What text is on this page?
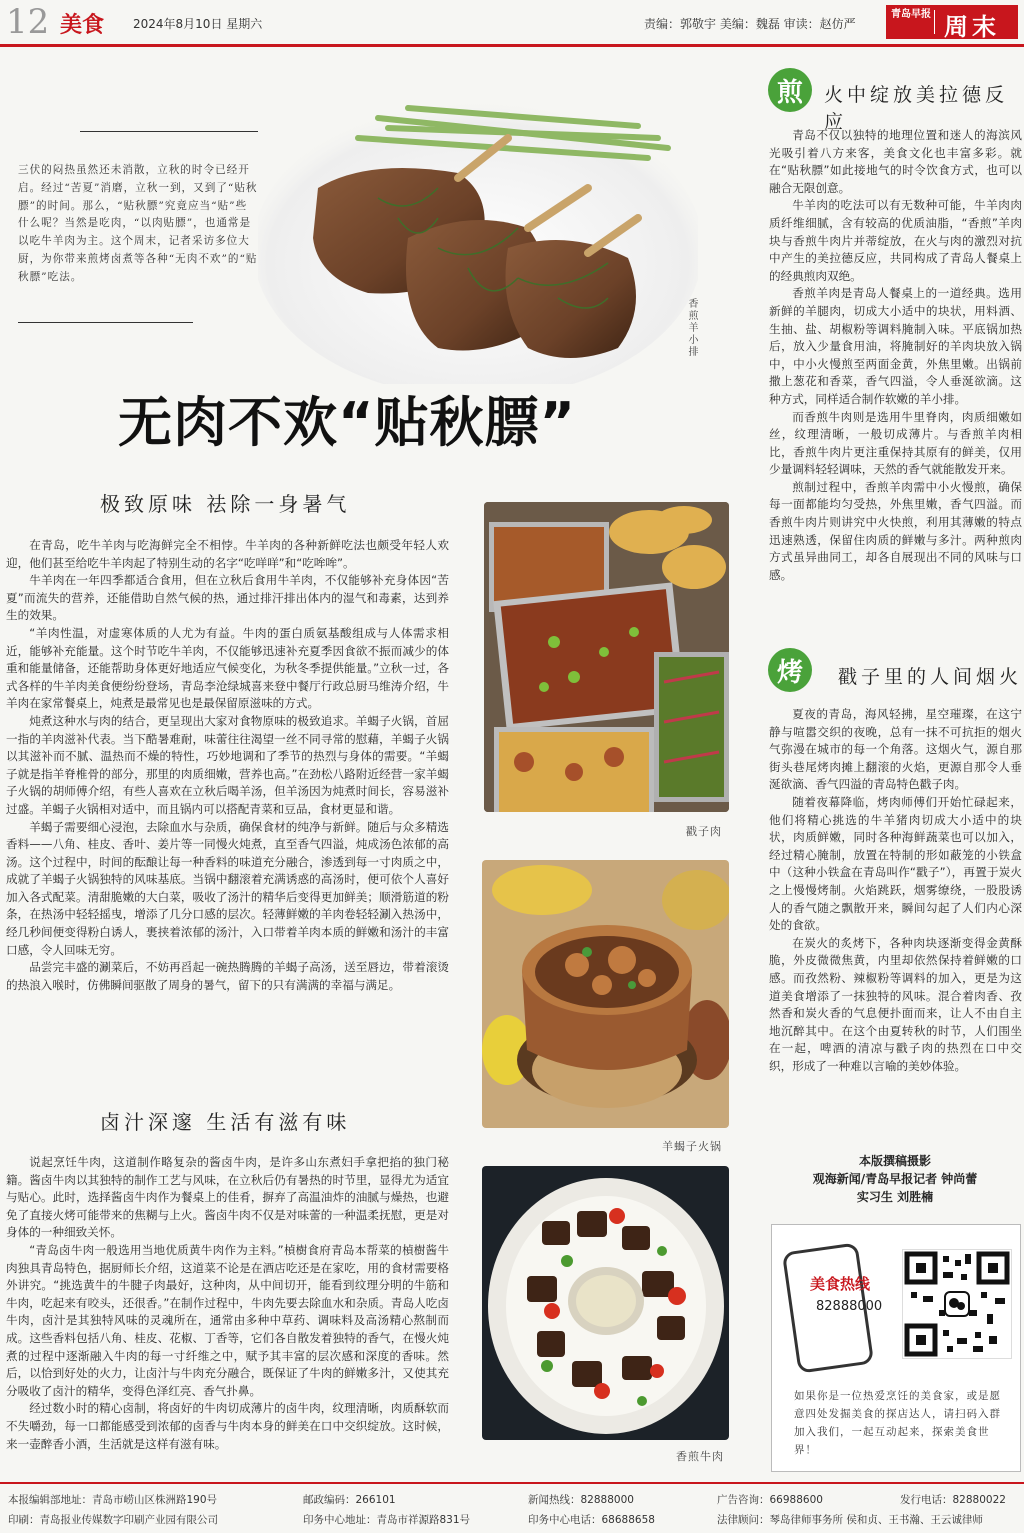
12 美食 2024年8月10日 星期六	责编：郭敬宇 美编：魏磊 审读：赵仿严
青岛早报 周末
三伏的闷热虽然还未消散，立秋的时令已经开启。经过“苦夏”消磨，立秋一到，又到了“贴秋膘”的时间。那么，“贴秋膘”究竟应当“贴”些什么呢？当然是吃肉，“以肉贴膘”，也通常是以吃牛羊肉为主。这个周末，记者采访多位大厨，为你带来煎烤卤煮等各种“无肉不欢”的“贴秋膘”吃法。
香煎羊小排
无肉不欢“贴秋膘”
极致原味 祛除一身暑气

在青岛，吃牛羊肉与吃海鲜完全不相悖。牛羊肉的各种新鲜吃法也颇受年轻人欢迎，他们甚至给吃牛羊肉起了特别生动的名字“吃咩咩”和“吃哞哞”。

牛羊肉在一年四季都适合食用，但在立秋后食用牛羊肉，不仅能够补充身体因“苦夏”而流失的营养，还能借助自然气候的热，通过排汗排出体内的湿气和毒素，达到养生的效果。

“羊肉性温，对虚寒体质的人尤为有益。牛肉的蛋白质氨基酸组成与人体需求相近，能够补充能量。这个时节吃牛羊肉，不仅能够迅速补充夏季因食欲不振而减少的体重和能量储备，还能帮助身体更好地适应气候变化，为秋冬季提供能量。”立秋一过，各式各样的牛羊肉美食便纷纷登场，青岛李沧绿城喜来登中餐厅行政总厨马维涛介绍，牛羊肉在家常餐桌上，炖煮是最常见也是最保留原滋味的方式。

炖煮这种水与肉的结合，更呈现出大家对食物原味的极致追求。羊蝎子火锅，首屈一指的羊肉滋补代表。当下酷暑难耐，味蕾往往渴望一丝不同寻常的慰藉，羊蝎子火锅以其滋补而不腻、温热而不燥的特性，巧妙地调和了季节的热烈与身体的需要。“羊蝎子就是指羊脊椎骨的部分，那里的肉质细嫩，营养也高。”在劲松八路附近经营一家羊蝎子火锅的胡师傅介绍，有些人喜欢在立秋后喝羊汤，但羊汤因为炖煮时间长，容易滋补过盛。羊蝎子火锅相对适中，而且锅内可以搭配青菜和豆品，食材更显和谐。

羊蝎子需要细心浸泡，去除血水与杂质，确保食材的纯净与新鲜。随后与众多精选香料——八角、桂皮、香叶、姜片等一同慢火炖煮，直至香气四溢，炖成汤色浓郁的高汤。这个过程中，时间的酝酿让每一种香料的味道充分融合，渗透到每一寸肉质之中，成就了羊蝎子火锅独特的风味基底。当锅中翻滚着充满诱惑的高汤时，便可依个人喜好加入各式配菜。清甜脆嫩的大白菜，吸收了汤汁的精华后变得更加鲜美；顺滑筋道的粉条，在热汤中轻轻摇曳，增添了几分口感的层次。轻薄鲜嫩的羊肉卷轻轻涮入热汤中，经几秒间便变得粉白诱人，裹挟着浓郁的汤汁，入口带着羊肉本质的鲜嫩和汤汁的丰富口感，令人回味无穷。

品尝完丰盛的涮菜后，不妨再舀起一碗热腾腾的羊蝎子高汤，送至唇边，带着滚烫的热浪入喉时，仿佛瞬间驱散了周身的暑气，留下的只有满满的幸福与满足。

卤汁深邃 生活有滋有味

说起烹饪牛肉，这道制作略复杂的酱卤牛肉，是许多山东煮妇手拿把掐的独门秘籍。酱卤牛肉以其独特的制作工艺与风味，在立秋后仍有暑热的时节里，显得尤为适宜与贴心。此时，选择酱卤牛肉作为餐桌上的佳肴，摒弃了高温油炸的油腻与燥热，也避免了直接火烤可能带来的焦糊与上火。酱卤牛肉不仅是对味蕾的一种温柔抚慰，更是对身体的一种细致关怀。

“青岛卤牛肉一般选用当地优质黄牛肉作为主料。”楨樹食府青岛本帮菜的楨樹酱牛肉独具青岛特色，据厨师长介绍，这道菜不论是在酒店吃还是在家吃，用的食材需要格外讲究。“挑选黄牛的牛腱子肉最好，这种肉，从中间切开，能看到纹理分明的牛筋和牛肉，吃起来有咬头，还很香。”在制作过程中，牛肉先要去除血水和杂质。青岛人吃卤牛肉，卤汁是其独特风味的灵魂所在，通常由多种中草药、调味料及高汤精心熬制而成。这些香料包括八角、桂皮、花椒、丁香等，它们各自散发着独特的香气，在慢火炖煮的过程中逐渐融入牛肉的每一寸纤维之中，赋予其丰富的层次感和深度的香味。然后，以恰到好处的火力，让卤汁与牛肉充分融合，既保证了牛肉的鲜嫩多汁，又使其充分吸收了卤汁的精华，变得色泽红亮、香气扑鼻。

经过数小时的精心卤制，将卤好的牛肉切成薄片的卤牛肉，纹理清晰，肉质酥软而不失嚼劲，每一口都能感受到浓郁的卤香与牛肉本身的鲜美在口中交织绽放。这时候，来一壶醉香小酒，生活就是这样有滋有味。

戳子肉
羊蝎子火锅
香煎牛肉
煎	火中绽放美拉德反应

青岛不仅以独特的地理位置和迷人的海滨风光吸引着八方来客，美食文化也丰富多彩。就在“贴秋膘”如此接地气的时令饮食方式，也可以融合无限创意。

牛羊肉的吃法可以有无数种可能，牛羊肉肉质纤维细腻，含有较高的优质油脂，“香煎”羊肉块与香煎牛肉片并蒂绽放，在火与肉的激烈对抗中产生的美拉德反应，共同构成了青岛人餐桌上的经典煎肉双绝。

香煎羊肉是青岛人餐桌上的一道经典。选用新鲜的羊腿肉，切成大小适中的块状，用料酒、生抽、盐、胡椒粉等调料腌制入味。平底锅加热后，放入少量食用油，将腌制好的羊肉块放入锅中，中小火慢煎至两面金黄，外焦里嫩。出锅前撒上葱花和香菜，香气四溢，令人垂涎欲滴。这种方式，同样适合制作软嫩的羊小排。

而香煎牛肉则是选用牛里脊肉，肉质细嫩如丝，纹理清晰，一般切成薄片。与香煎羊肉相比，香煎牛肉片更注重保持其原有的鲜美，仅用少量调料轻轻调味，天然的香气就能散发开来。

煎制过程中，香煎羊肉需中小火慢煎，确保每一面都能均匀受热，外焦里嫩，香气四溢。而香煎牛肉片则讲究中火快煎，利用其薄嫩的特点迅速熟透，保留住肉质的鲜嫩与多汁。两种煎肉方式虽异曲同工，却各自展现出不同的风味与口感。

烤	戳子里的人间烟火

夏夜的青岛，海风轻拂，星空璀璨，在这宁静与喧嚣交织的夜晚，总有一抹不可抗拒的烟火气弥漫在城市的每一个角落。这烟火气，源自那街头巷尾烤肉摊上翻滚的火焰，更源自那令人垂涎欲滴、香气四溢的青岛特色戳子肉。

随着夜幕降临，烤肉师傅们开始忙碌起来，他们将精心挑选的牛羊猪肉切成大小适中的块状，肉质鲜嫩，同时各种海鲜蔬菜也可以加入，经过精心腌制，放置在特制的形如蔽笼的小铁盒中（这种小铁盒在青岛叫作“戳子”），再置于炭火之上慢慢烤制。火焰跳跃，烟雾缭绕，一股股诱人的香气随之飘散开来，瞬间勾起了人们内心深处的食欲。

在炭火的炙烤下，各种肉块逐渐变得金黄酥脆，外皮微微焦黄，内里却依然保持着鲜嫩的口感。而孜然粉、辣椒粉等调料的加入，更是为这道美食增添了一抹独特的风味。混合着肉香、孜然香和炭火香的气息便扑面而来，让人不由自主地沉醉其中。在这个由夏转秋的时节，人们围坐在一起，啤酒的清凉与戳子肉的热烈在口中交织，形成了一种难以言喻的美妙体验。

本版撰稿摄影
观海新闻/青岛早报记者 钟尚蕾
实习生 刘胜楠
美食热线
82888000
如果你是一位热爱烹饪的美食家，或是愿意四处发掘美食的探店达人，请扫码入群加入我们，一起互动起来，探索美食世界！
本报编辑部地址：青岛市崂山区株洲路190号	邮政编码：266101	新闻热线：82888000	广告咨询：66988600	发行电话：82880022
印刷：青岛报业传媒数字印刷产业园有限公司	印务中心地址：青岛市祥源路831号	印务中心电话：68688658	法律顾问：琴岛律师事务所 侯和贞、王书瀚、王云诚律师
